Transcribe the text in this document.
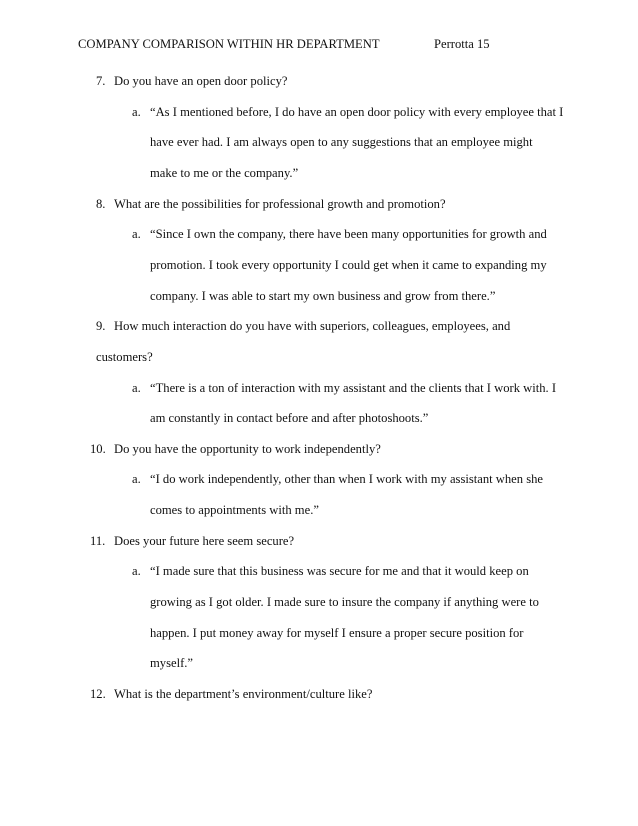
COMPANY COMPARISON WITHIN HR DEPARTMENT	Perrotta 15
7. Do you have an open door policy?
a. “As I mentioned before, I do have an open door policy with every employee that I
have ever had. I am always open to any suggestions that an employee might
make to me or the company.”
8. What are the possibilities for professional growth and promotion?
a. “Since I own the company, there have been many opportunities for growth and
promotion. I took every opportunity I could get when it came to expanding my
company. I was able to start my own business and grow from there.”
9. How much interaction do you have with superiors, colleagues, employees, and
customers?
a. “There is a ton of interaction with my assistant and the clients that I work with. I
am constantly in contact before and after photoshoots.”
10. Do you have the opportunity to work independently?
a. “I do work independently, other than when I work with my assistant when she
comes to appointments with me.”
11. Does your future here seem secure?
a. “I made sure that this business was secure for me and that it would keep on
growing as I got older. I made sure to insure the company if anything were to
happen. I put money away for myself I ensure a proper secure position for
myself.”
12. What is the department’s environment/culture like?
